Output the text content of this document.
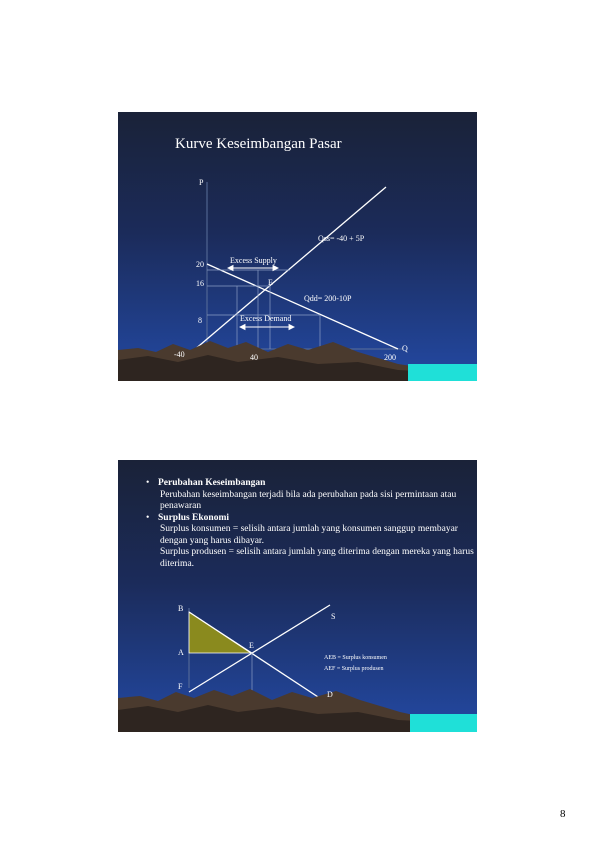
Kurve Keseimbangan Pasar
P
Q
Qss= -40 + 5P
Qdd= 200-10P
Excess Supply
Excess Demand
E
20
16
8
-40	40	200
• Perubahan Keseimbangan
Perubahan keseimbangan terjadi bila ada perubahan pada sisi permintaan atau penawaran
• Surplus Ekonomi
Surplus konsumen = selisih antara jumlah yang konsumen sanggup membayar dengan yang harus dibayar.
Surplus produsen = selisih antara jumlah yang diterima dengan mereka yang harus diterima.
B
A
F
E
S
D
AEB = Surplus konsumen
AEF = Surplus produsen
8
